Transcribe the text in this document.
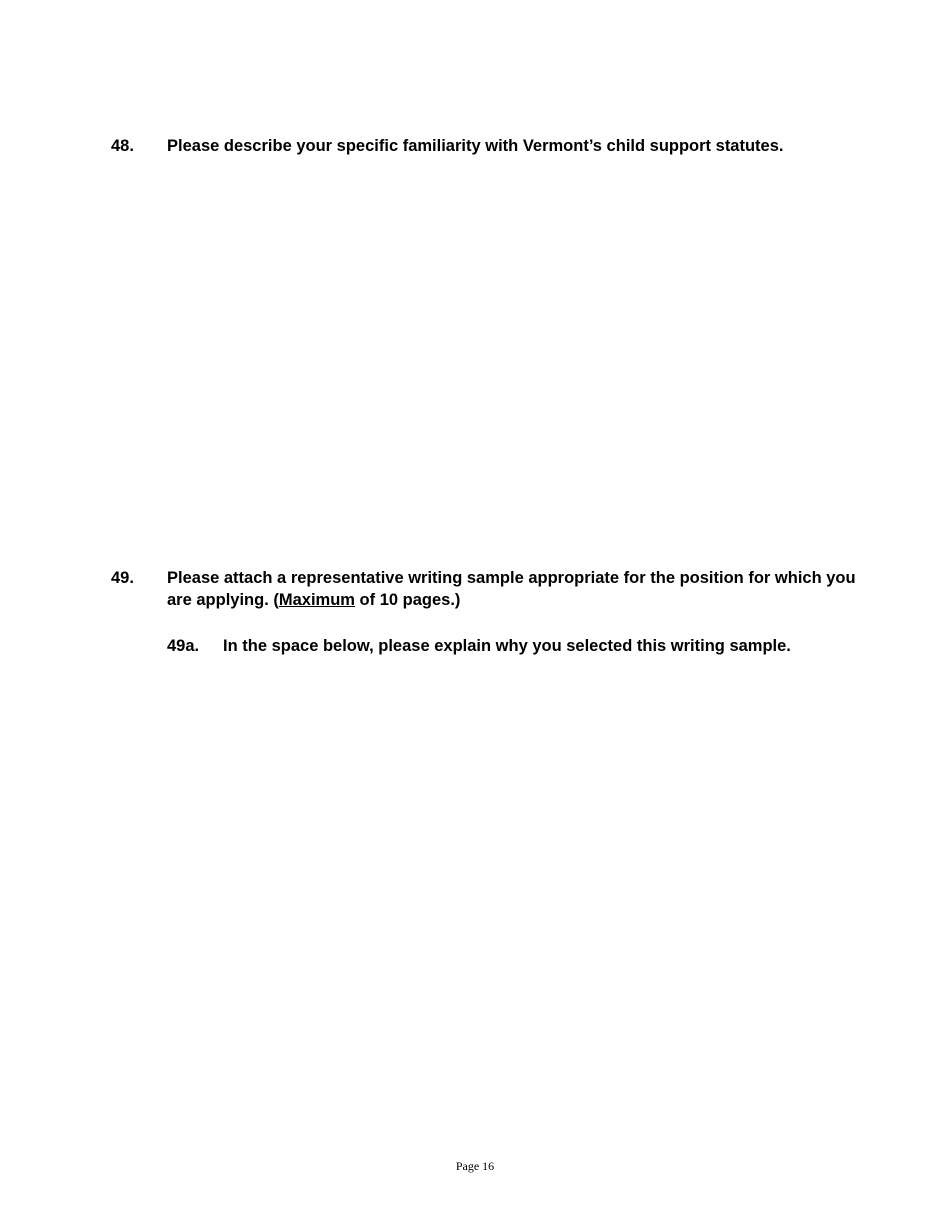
48. Please describe your specific familiarity with Vermont’s child support statutes.
49. Please attach a representative writing sample appropriate for the position for which you are applying. (Maximum of 10 pages.)
49a. In the space below, please explain why you selected this writing sample.
Page 16
